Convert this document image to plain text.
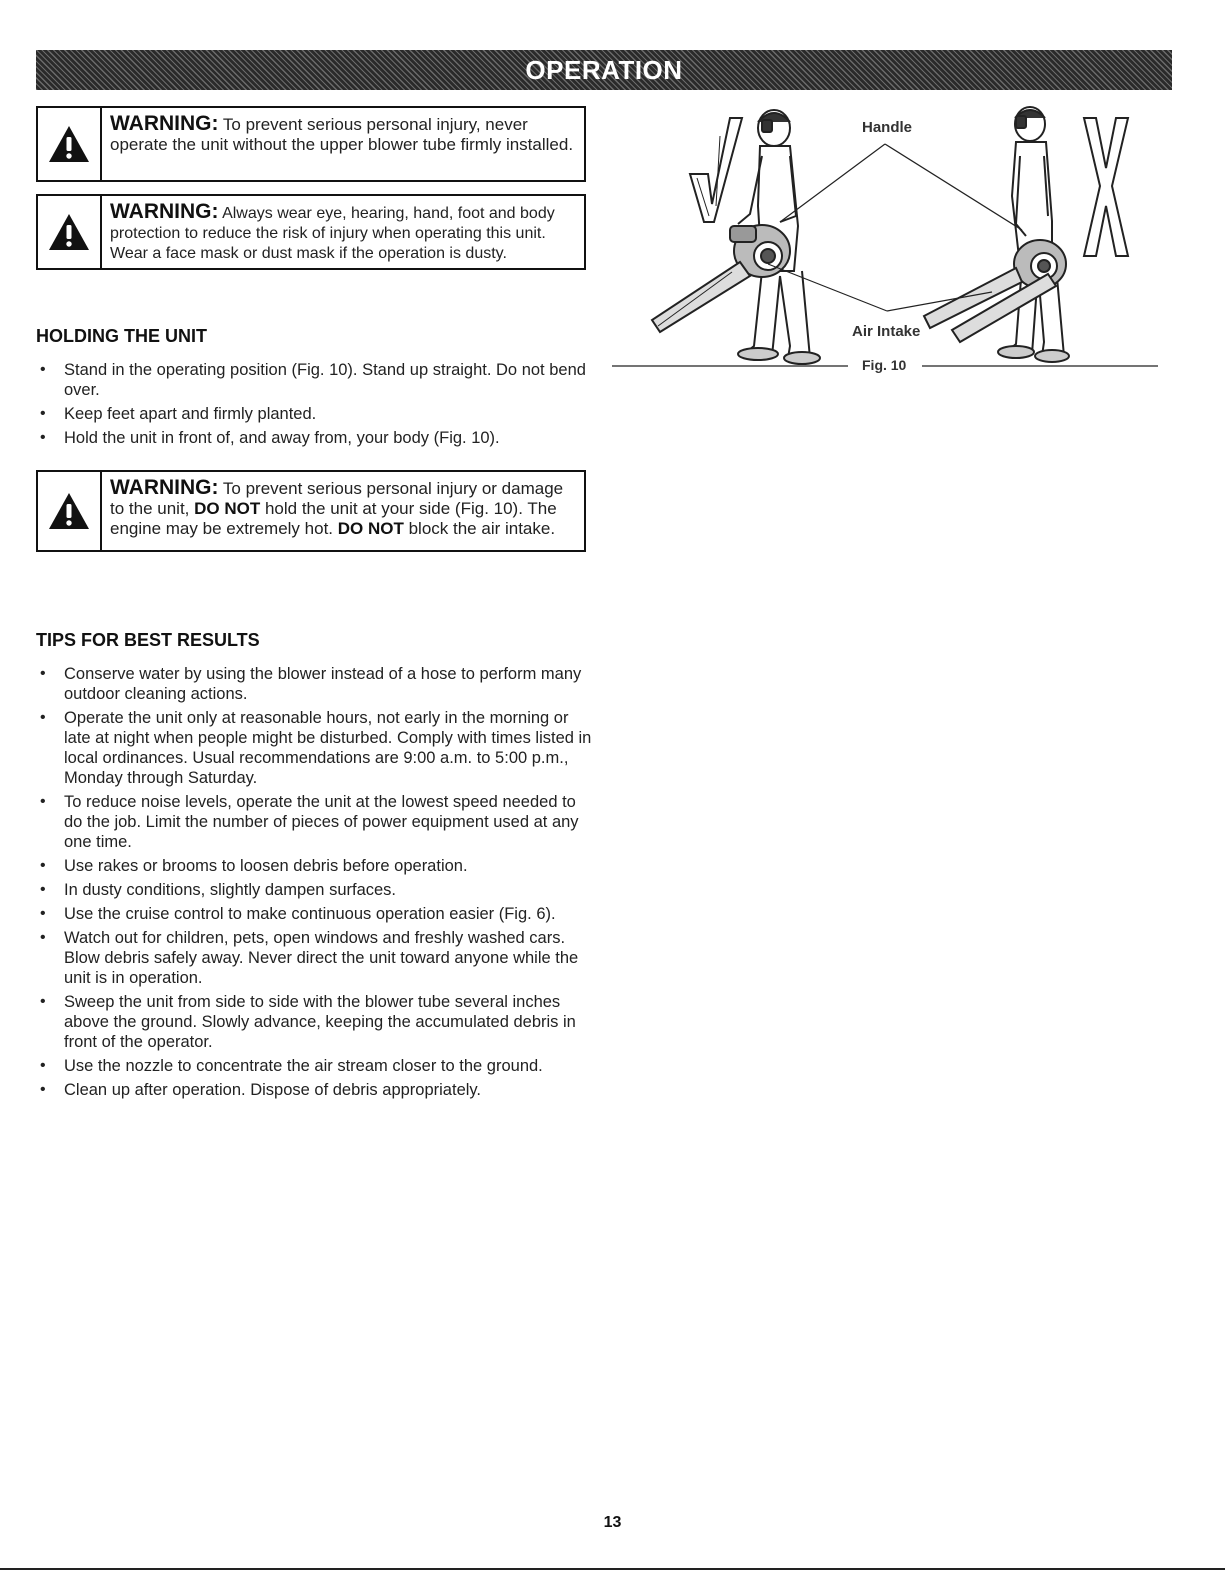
OPERATION
WARNING: To prevent serious personal injury, never operate the unit without the upper blower tube firmly installed.
WARNING: Always wear eye, hearing, hand, foot and body protection to reduce the risk of injury when operating this unit. Wear a face mask or dust mask if the operation is dusty.
HOLDING THE UNIT
• Stand in the operating position (Fig. 10). Stand up straight. Do not bend over.
• Keep feet apart and firmly planted.
• Hold the unit in front of, and away from, your body (Fig. 10).
WARNING: To prevent serious personal injury or damage to the unit, DO NOT hold the unit at your side (Fig. 10). The engine may be extremely hot. DO NOT block the air intake.
TIPS FOR BEST RESULTS
• Conserve water by using the blower instead of a hose to perform many outdoor cleaning actions.
• Operate the unit only at reasonable hours, not early in the morning or late at night when people might be disturbed. Comply with times listed in local ordinances. Usual recommendations are 9:00 a.m. to 5:00 p.m., Monday through Saturday.
• To reduce noise levels, operate the unit at the lowest speed needed to do the job. Limit the number of pieces of power equipment used at any one time.
• Use rakes or brooms to loosen debris before operation.
• In dusty conditions, slightly dampen surfaces.
• Use the cruise control to make continuous operation easier (Fig. 6).
• Watch out for children, pets, open windows and freshly washed cars. Blow debris safely away. Never direct the unit toward anyone while the unit is in operation.
• Sweep the unit from side to side with the blower tube several inches above the ground. Slowly advance, keeping the accumulated debris in front of the operator.
• Use the nozzle to concentrate the air stream closer to the ground.
• Clean up after operation. Dispose of debris appropriately.
Handle
Air Intake
Fig. 10
13
